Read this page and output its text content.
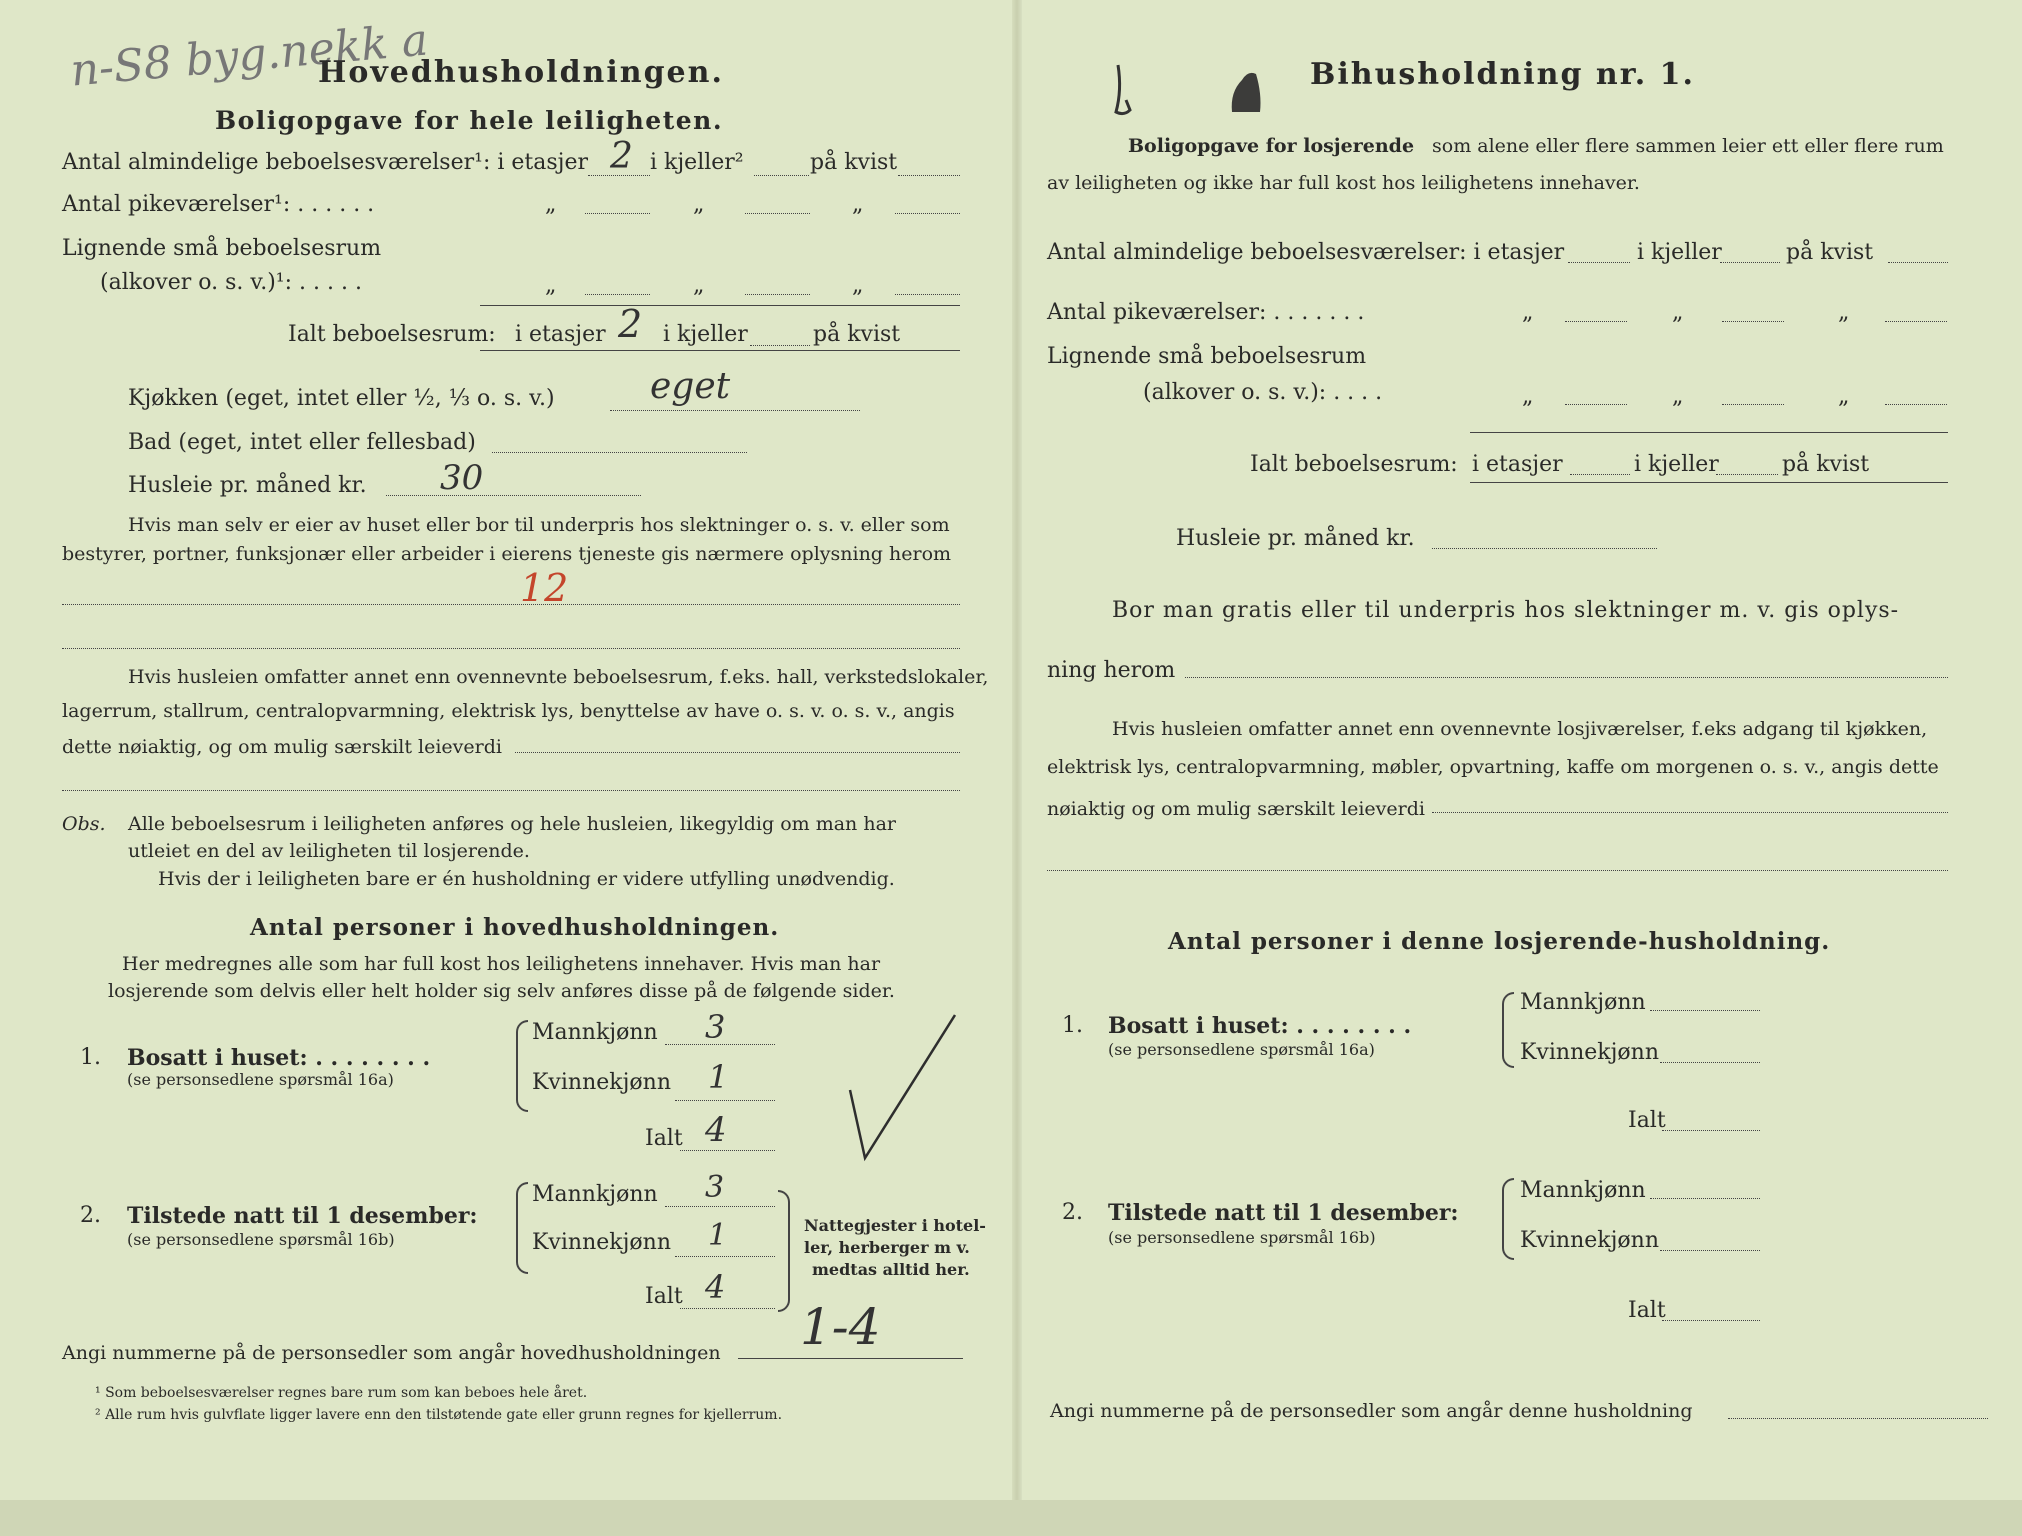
n-S8 byg.nekk a
Hovedhusholdningen.
Boligopgave for hele leiligheten.
Antal almindelige beboelsesværelser¹: i etasjer 2 i kjeller²	på kvist
Antal pikeværelser¹: . . . . . .	„	„	„
Lignende små beboelsesrum
(alkover o. s. v.)¹: . . . . .	„	„	„
Ialt beboelsesrum: i etasjer 2 i kjeller	på kvist
Kjøkken (eget, intet eller ½, ⅓ o. s. v.)	eget
Bad (eget, intet eller fellesbad)
Husleie pr. måned kr. 30
Hvis man selv er eier av huset eller bor til underpris hos slektninger o. s. v. eller som
bestyrer, portner, funksjonær eller arbeider i eierens tjeneste gis nærmere oplysning herom
12
Hvis husleien omfatter annet enn ovennevnte beboelsesrum, f.eks. hall, verkstedslokaler,
lagerrum, stallrum, centralopvarmning, elektrisk lys, benyttelse av have o. s. v. o. s. v., angis
dette nøiaktig, og om mulig særskilt leieverdi
Obs. Alle beboelsesrum i leiligheten anføres og hele husleien, likegyldig om man har
utleiet en del av leiligheten til losjerende.
Hvis der i leiligheten bare er én husholdning er videre utfylling unødvendig.
Antal personer i hovedhusholdningen.
Her medregnes alle som har full kost hos leilighetens innehaver. Hvis man har
losjerende som delvis eller helt holder sig selv anføres disse på de følgende sider.
1. Bosatt i huset: . . . . . . . .
(se personsedlene spørsmål 16a)
Mannkjønn 3
Kvinnekjønn 1
Ialt 4
2. Tilstede natt til 1 desember:
(se personsedlene spørsmål 16b)
Mannkjønn 3
Kvinnekjønn 1
Ialt 4
Nattegjester i hotel-
ler, herberger m v.
medtas alltid her.
Angi nummerne på de personsedler som angår hovedhusholdningen 1-4
¹ Som beboelsesværelser regnes bare rum som kan beboes hele året.
² Alle rum hvis gulvflate ligger lavere enn den tilstøtende gate eller grunn regnes for kjellerrum.
Bihusholdning nr. 1.
Boligopgave for losjerende som alene eller flere sammen leier ett eller flere rum
av leiligheten og ikke har full kost hos leilighetens innehaver.
Antal almindelige beboelsesværelser: i etasjer	i kjeller	på kvist
Antal pikeværelser: . . . . . . .	„	„	„
Lignende små beboelsesrum
(alkover o. s. v.): . . . .	„	„	„
Ialt beboelsesrum: i etasjer	i kjeller	på kvist
Husleie pr. måned kr.
Bor man gratis eller til underpris hos slektninger m. v. gis oplys-
ning herom
Hvis husleien omfatter annet enn ovennevnte losjiværelser, f.eks adgang til kjøkken,
elektrisk lys, centralopvarmning, møbler, opvartning, kaffe om morgenen o. s. v., angis dette
nøiaktig og om mulig særskilt leieverdi
Antal personer i denne losjerende-husholdning.
1. Bosatt i huset: . . . . . . . .
(se personsedlene spørsmål 16a)
Mannkjønn
Kvinnekjønn
Ialt
2. Tilstede natt til 1 desember:
(se personsedlene spørsmål 16b)
Mannkjønn
Kvinnekjønn
Ialt
Angi nummerne på de personsedler som angår denne husholdning
